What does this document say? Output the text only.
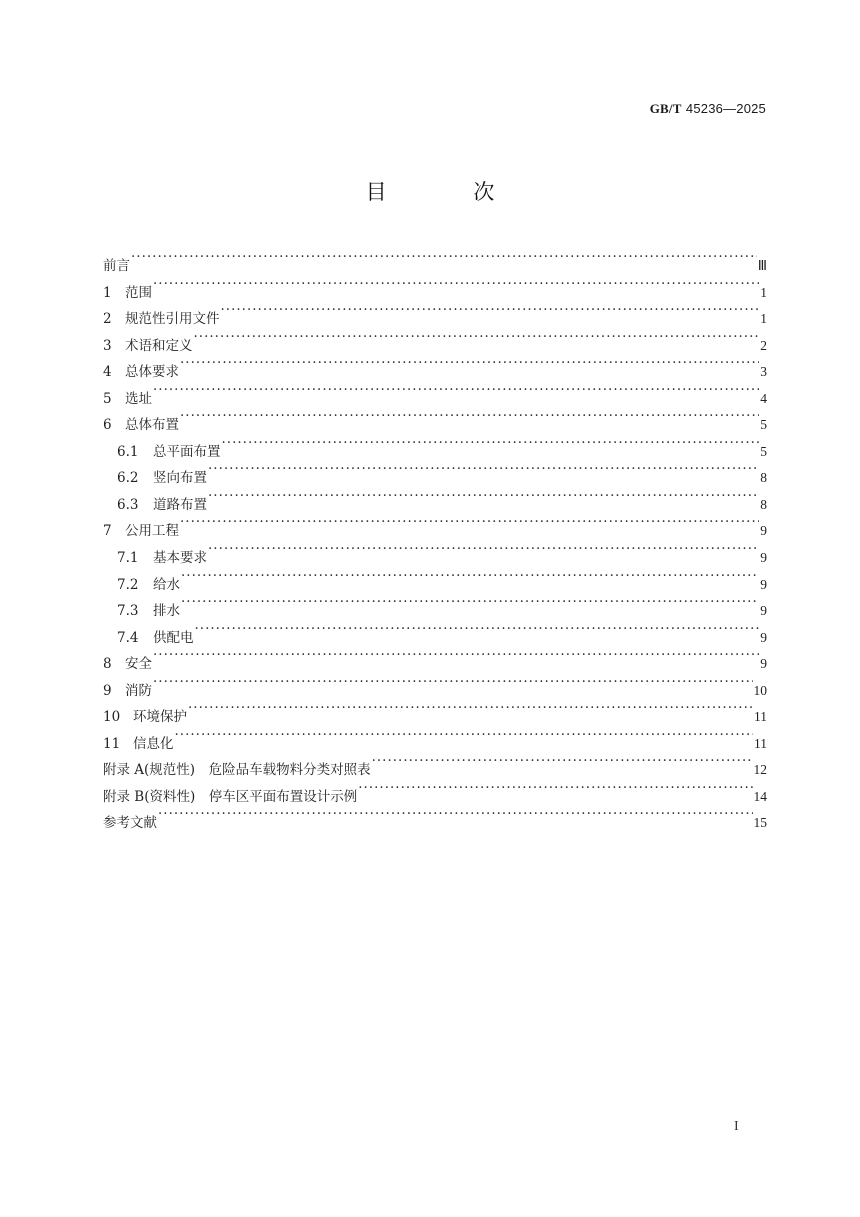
GB/T 45236—2025
目 次
前言 ·····	Ⅲ
1 范围 ·····	1
2 规范性引用文件 ·····	1
3 术语和定义 ·····	2
4 总体要求 ·····	3
5 选址 ·····	4
6 总体布置 ·····	5
6.1	总平面布置 ·····	5
6.2	竖向布置 ·····	8
6.3	道路布置 ·····	8
7 公用工程 ·····	9
7.1	基本要求 ·····	9
7.2	给水 ·····	9
7.3	排水 ·····	9
7.4	供配电 ·····	9
8 安全 ·····	9
9 消防 ·····	10
10 环境保护 ·····	11
11 信息化 ·····	11
附录 A(规范性)　危险品车载物料分类对照表 ·····	12
附录 B(资料性)　停车区平面布置设计示例 ·····	14
参考文献 ·····	15
I
